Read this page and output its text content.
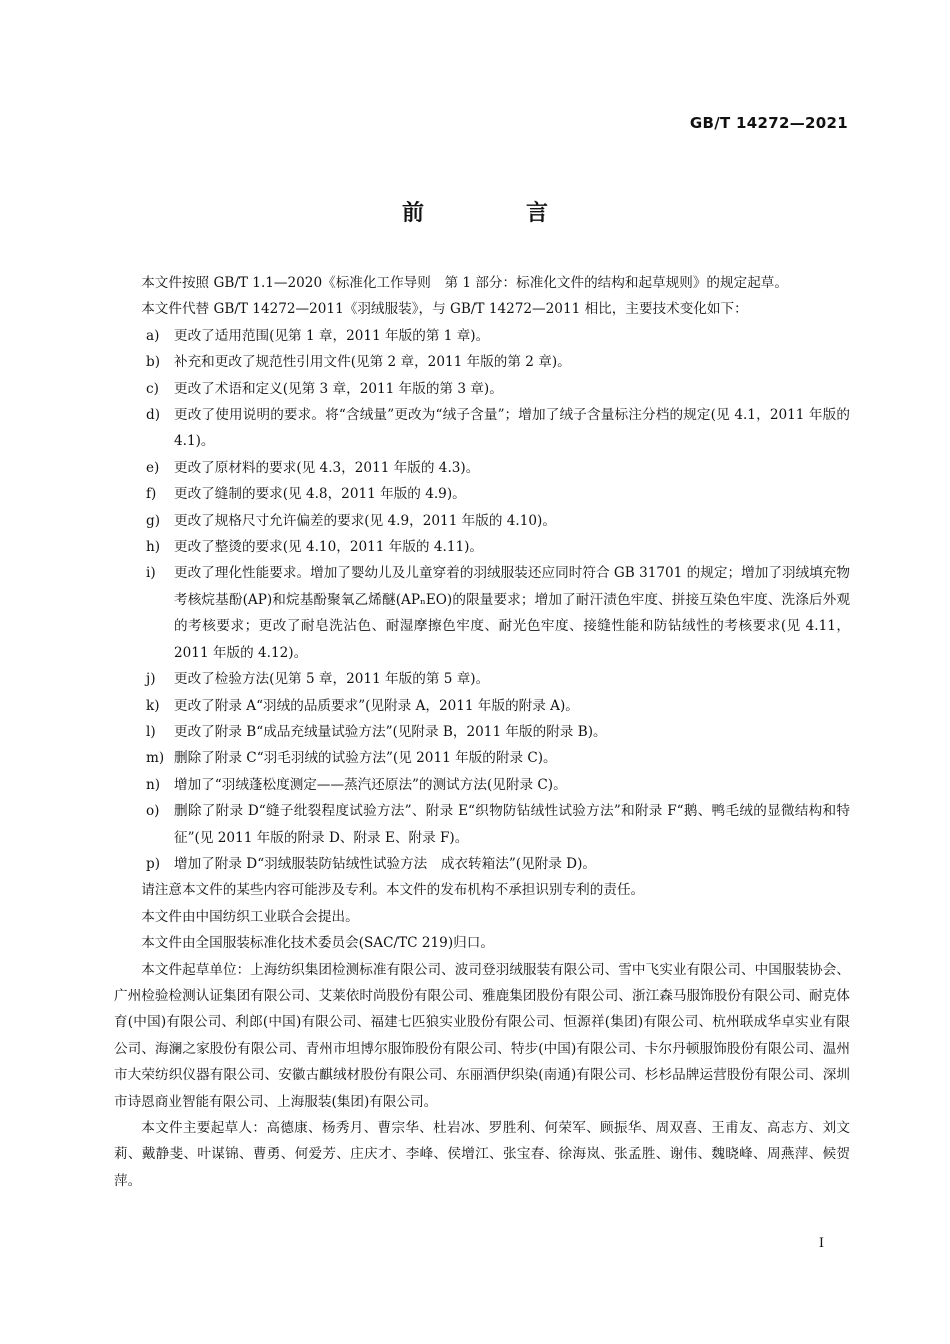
GB/T 14272—2021
前　言

本文件按照 GB/T 1.1—2020《标准化工作导则　第 1 部分：标准化文件的结构和起草规则》的规定起草。

本文件代替 GB/T 14272—2011《羽绒服装》，与 GB/T 14272—2011 相比，主要技术变化如下：

a) 更改了适用范围(见第 1 章，2011 年版的第 1 章)。
b) 补充和更改了规范性引用文件(见第 2 章，2011 年版的第 2 章)。
c) 更改了术语和定义(见第 3 章，2011 年版的第 3 章)。
d) 更改了使用说明的要求。将“含绒量”更改为“绒子含量”；增加了绒子含量标注分档的规定(见 4.1，2011 年版的 4.1)。
e) 更改了原材料的要求(见 4.3，2011 年版的 4.3)。
f) 更改了缝制的要求(见 4.8，2011 年版的 4.9)。
g) 更改了规格尺寸允许偏差的要求(见 4.9，2011 年版的 4.10)。
h) 更改了整烫的要求(见 4.10，2011 年版的 4.11)。
i) 更改了理化性能要求。增加了婴幼儿及儿童穿着的羽绒服装还应同时符合 GB 31701 的规定；增加了羽绒填充物考核烷基酚(AP)和烷基酚聚氧乙烯醚(APₙEO)的限量要求；增加了耐汗渍色牢度、拼接互染色牢度、洗涤后外观的考核要求；更改了耐皂洗沾色、耐湿摩擦色牢度、耐光色牢度、接缝性能和防钻绒性的考核要求(见 4.11，2011 年版的 4.12)。
j) 更改了检验方法(见第 5 章，2011 年版的第 5 章)。
k) 更改了附录 A“羽绒的品质要求”(见附录 A，2011 年版的附录 A)。
l) 更改了附录 B“成品充绒量试验方法”(见附录 B，2011 年版的附录 B)。
m) 删除了附录 C“羽毛羽绒的试验方法”(见 2011 年版的附录 C)。
n) 增加了“羽绒蓬松度测定——蒸汽还原法”的测试方法(见附录 C)。
o) 删除了附录 D“缝子纰裂程度试验方法”、附录 E“织物防钻绒性试验方法”和附录 F“鹅、鸭毛绒的显微结构和特征”(见 2011 年版的附录 D、附录 E、附录 F)。
p) 增加了附录 D“羽绒服装防钻绒性试验方法　成衣转箱法”(见附录 D)。

请注意本文件的某些内容可能涉及专利。本文件的发布机构不承担识别专利的责任。

本文件由中国纺织工业联合会提出。

本文件由全国服装标准化技术委员会(SAC/TC 219)归口。

本文件起草单位：上海纺织集团检测标准有限公司、波司登羽绒服装有限公司、雪中飞实业有限公司、中国服装协会、广州检验检测认证集团有限公司、艾莱依时尚股份有限公司、雅鹿集团股份有限公司、浙江森马服饰股份有限公司、耐克体育(中国)有限公司、利郎(中国)有限公司、福建七匹狼实业股份有限公司、恒源祥(集团)有限公司、杭州联成华卓实业有限公司、海澜之家股份有限公司、青州市坦博尔服饰股份有限公司、特步(中国)有限公司、卡尔丹顿服饰股份有限公司、温州市大荣纺织仪器有限公司、安徽古麒绒材股份有限公司、东丽酒伊织染(南通)有限公司、杉杉品牌运营股份有限公司、深圳市诗恩商业智能有限公司、上海服装(集团)有限公司。

本文件主要起草人：高德康、杨秀月、曹宗华、杜岩冰、罗胜利、何荣军、顾振华、周双喜、王甫友、高志方、刘文莉、戴静斐、叶谋锦、曹勇、何爱芳、庄庆才、李峰、侯增江、张宝春、徐海岚、张孟胜、谢伟、魏晓峰、周燕萍、候贺萍。

Ⅰ
